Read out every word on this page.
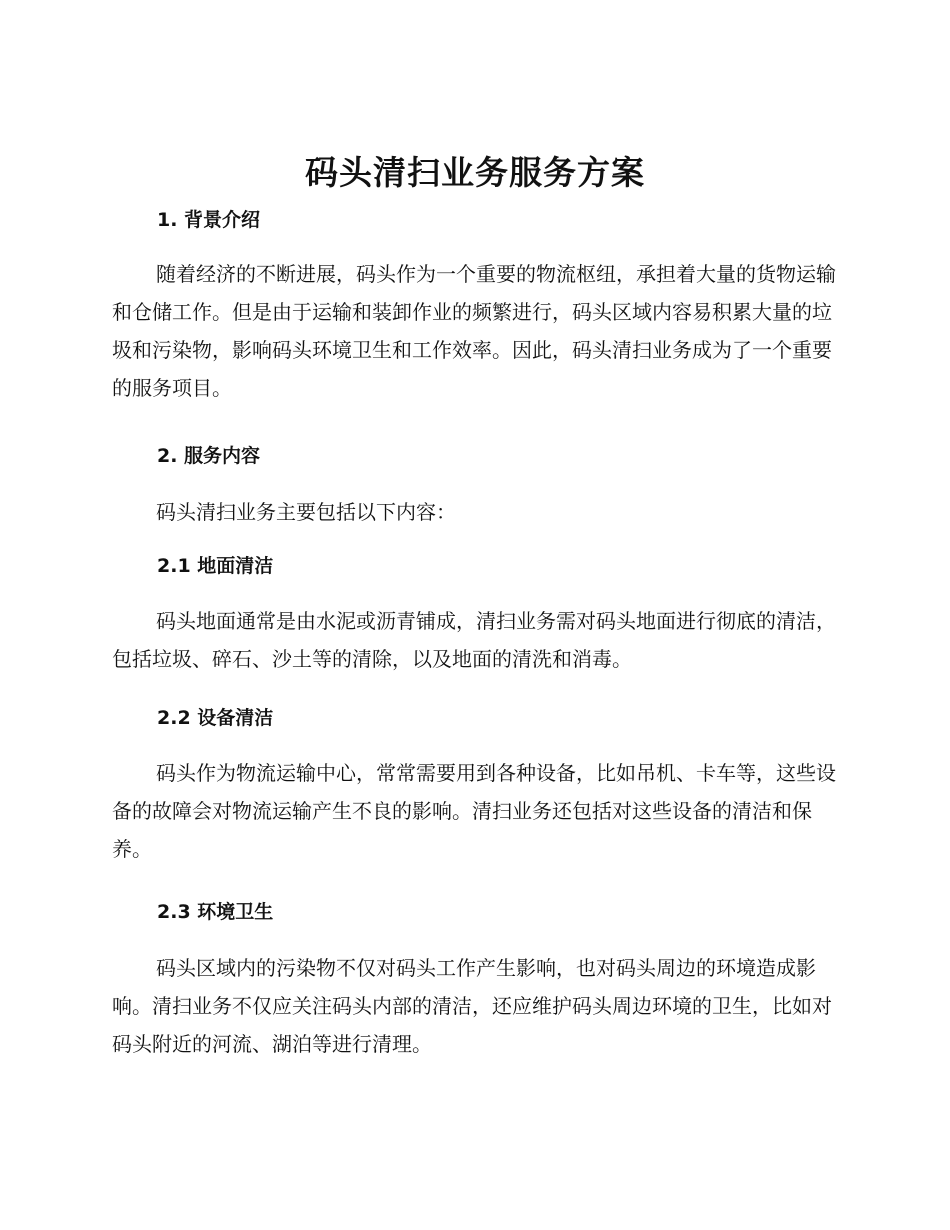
码头清扫业务服务方案
1. 背景介绍

随着经济的不断进展，码头作为一个重要的物流枢纽，承担着大量的货物运输和仓储工作。但是由于运输和装卸作业的频繁进行，码头区域内容易积累大量的垃圾和污染物，影响码头环境卫生和工作效率。因此，码头清扫业务成为了一个重要的服务项目。

2. 服务内容

码头清扫业务主要包括以下内容：

2.1 地面清洁

码头地面通常是由水泥或沥青铺成，清扫业务需对码头地面进行彻底的清洁，包括垃圾、碎石、沙土等的清除，以及地面的清洗和消毒。

2.2 设备清洁

码头作为物流运输中心，常常需要用到各种设备，比如吊机、卡车等，这些设备的故障会对物流运输产生不良的影响。清扫业务还包括对这些设备的清洁和保养。

2.3 环境卫生

码头区域内的污染物不仅对码头工作产生影响，也对码头周边的环境造成影响。清扫业务不仅应关注码头内部的清洁，还应维护码头周边环境的卫生，比如对码头附近的河流、湖泊等进行清理。
